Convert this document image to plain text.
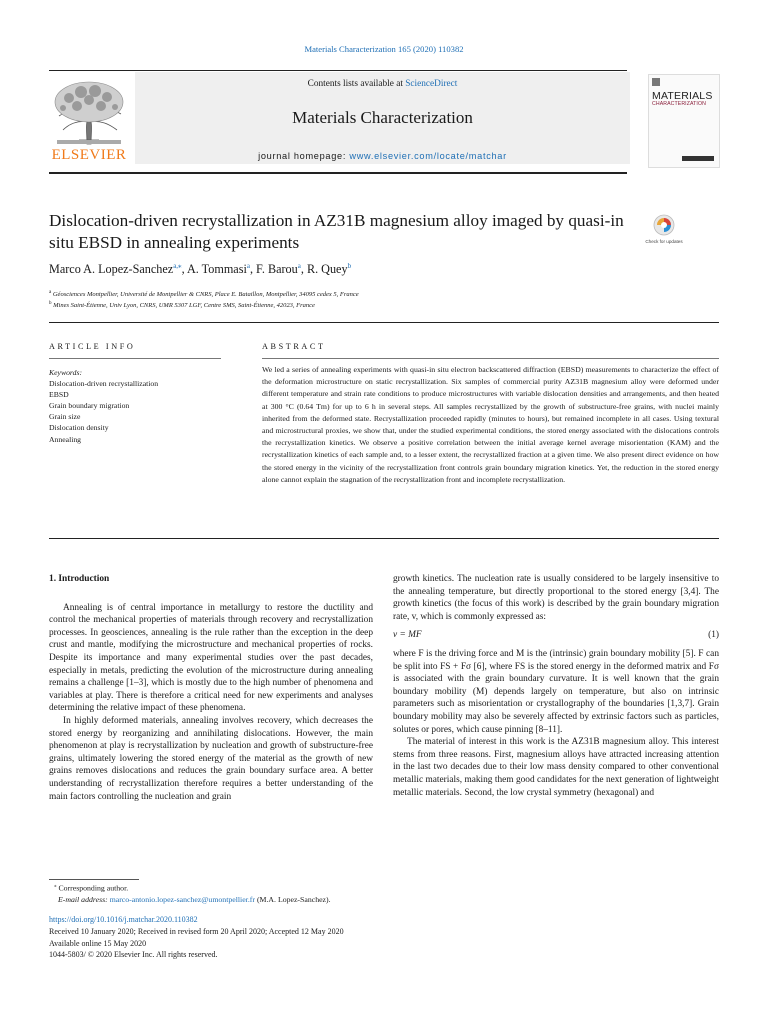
Materials Characterization 165 (2020) 110382
Contents lists available at ScienceDirect
Materials Characterization
journal homepage: www.elsevier.com/locate/matchar
ELSEVIER
MATERIALS
CHARACTERIZATION
Dislocation-driven recrystallization in AZ31B magnesium alloy imaged by quasi-in situ EBSD in annealing experiments	Check for updates
Marco A. Lopez-Sanchez$^{a,⁎}$, A. Tommasi$^a$, F. Barou$^a$, R. Quey$^b$
$^a$ Géosciences Montpellier, Université de Montpellier & CNRS, Place E. Bataillon, Montpellier, 34095 cedex 5, France
$^b$ Mines Saint-Étienne, Univ Lyon, CNRS, UMR 5307 LGF, Centre SMS, Saint-Étienne, 42023, France
ARTICLE INFO
Keywords:
Dislocation-driven recrystallization
EBSD
Grain boundary migration
Grain size
Dislocation density
Annealing
ABSTRACT
We led a series of annealing experiments with quasi-in situ electron backscattered diffraction (EBSD) measurements to characterize the effect of the deformation microstructure on static recrystallization. Six samples of commercial purity AZ31B magnesium alloy were deformed under different temperature and strain rate conditions to produce microstructures with variable dislocation densities and arrangements, and then heated at 300 °C (0.64 Tm) for up to 6 h in several steps. All samples recrystallized by the growth of substructure-free grains, with nuclei mainly inherited from the deformed state. Recrystallization proceeded rapidly (minutes to hours), but remained incomplete in all cases. Using textural and microstructural proxies, we show that, under the studied experimental conditions, the stored energy associated with the dislocations controls the recrystallization kinetics. We observe a positive correlation between the initial average kernel average misorientation (KAM) and the recrystallization kinetics of each sample and, to a lesser extent, the recrystallized fraction at a given time. We also present direct evidence on how the stored energy in the vicinity of the recrystallization front controls grain boundary migration kinetics. Yet, the reduction in the stored energy alone cannot explain the stagnation of the recrystallization front and incomplete recrystallization.
1. Introduction

Annealing is of central importance in metallurgy to restore the ductility and control the mechanical properties of materials through recovery and recrystallization processes. In geosciences, annealing is the rule rather than the exception in the deep crust and mantle, modifying the microstructure and mechanical properties of rocks. Despite its importance and many experimental studies over the past decades, especially in metals, predicting the evolution of the microstructure during annealing remains a challenge [1–3], which is mostly due to the high number of phenomena and variables at play. There is therefore a critical need for new experiments and analyses determining the relative impact of these phenomena.

In highly deformed materials, annealing involves recovery, which decreases the stored energy by reorganizing and annihilating dislocations. However, the main phenomenon at play is recrystallization by nucleation and growth of substructure-free grains, ultimately lowering the stored energy of the material as the growth of new grains removes dislocations and reduces the grain boundary surface area. A better understanding of recrystallization therefore requires a better understanding of the main factors controlling the nucleation and grain

growth kinetics. The nucleation rate is usually considered to be largely insensitive to the annealing temperature, but directly proportional to the stored energy [3,4]. The growth kinetics (the focus of this work) is described by the grain boundary migration rate, v, which is commonly expressed as:

v = MF	(1)

where F is the driving force and M is the (intrinsic) grain boundary mobility [5]. F can be split into FS + Fσ [6], where FS is the stored energy in the deformed matrix and Fσ is associated with the grain boundary curvature. It is well known that the grain boundary mobility (M) depends largely on temperature, but also on intrinsic parameters such as misorientation or crystallography of the boundaries [1,3,7]. Grain boundary mobility may also be severely affected by extrinsic factors such as particles, solutes or pores, which cause pinning [8–11].

The material of interest in this work is the AZ31B magnesium alloy. This interest stems from three reasons. First, magnesium alloys have attracted increasing attention in the last two decades due to their low mass density compared to other conventional metallic materials, making them good candidates for the next generation of lightweight metallic materials. Second, the low crystal symmetry (hexagonal) and

⁎ Corresponding author.
E-mail address: marco-antonio.lopez-sanchez@umontpellier.fr (M.A. Lopez-Sanchez).
https://doi.org/10.1016/j.matchar.2020.110382
Received 10 January 2020; Received in revised form 20 April 2020; Accepted 12 May 2020
Available online 15 May 2020
1044-5803/ © 2020 Elsevier Inc. All rights reserved.
